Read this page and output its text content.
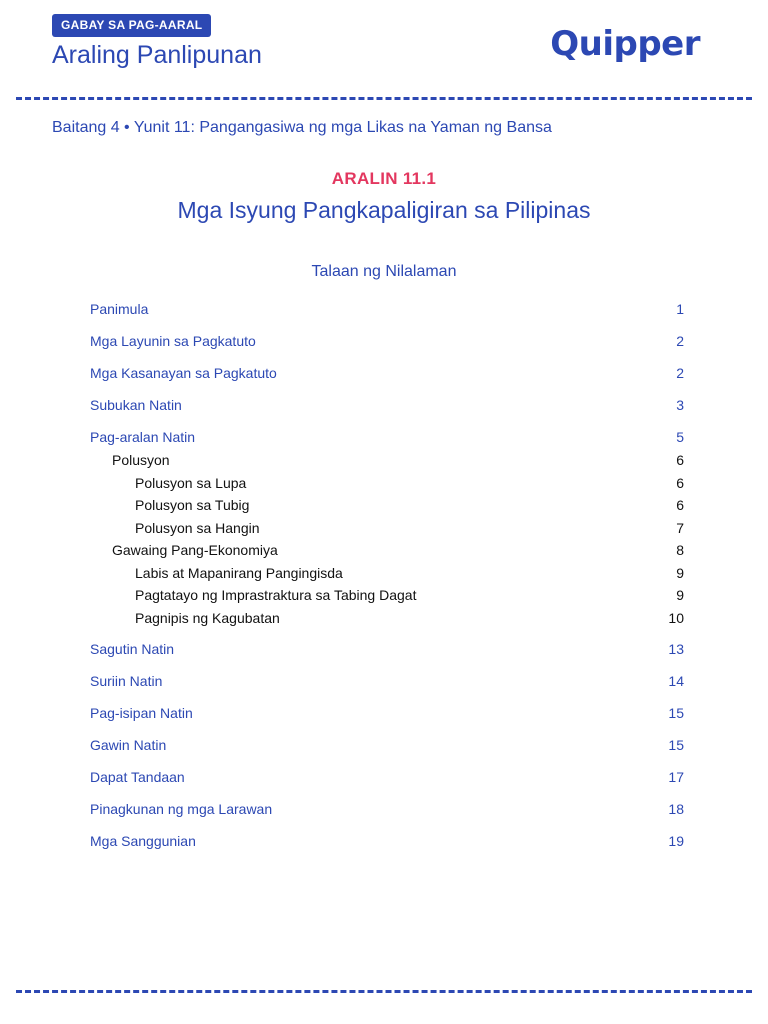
GABAY SA PAG-AARAL
Araling Panlipunan	Quipper
Baitang 4 • Yunit 11: Pangangasiwa ng mga Likas na Yaman ng Bansa
ARALIN 11.1
Mga Isyung Pangkapaligiran sa Pilipinas
Talaan ng Nilalaman
Panimula	1
Mga Layunin sa Pagkatuto	2
Mga Kasanayan sa Pagkatuto	2
Subukan Natin	3
Pag-aralan Natin	5
Polusyon	6
Polusyon sa Lupa	6
Polusyon sa Tubig	6
Polusyon sa Hangin	7
Gawaing Pang-Ekonomiya	8
Labis at Mapanirang Pangingisda	9
Pagtatayo ng Imprastraktura sa Tabing Dagat	9
Pagnipis ng Kagubatan	10
Sagutin Natin	13
Suriin Natin	14
Pag-isipan Natin	15
Gawin Natin	15
Dapat Tandaan	17
Pinagkunan ng mga Larawan	18
Mga Sanggunian	19
